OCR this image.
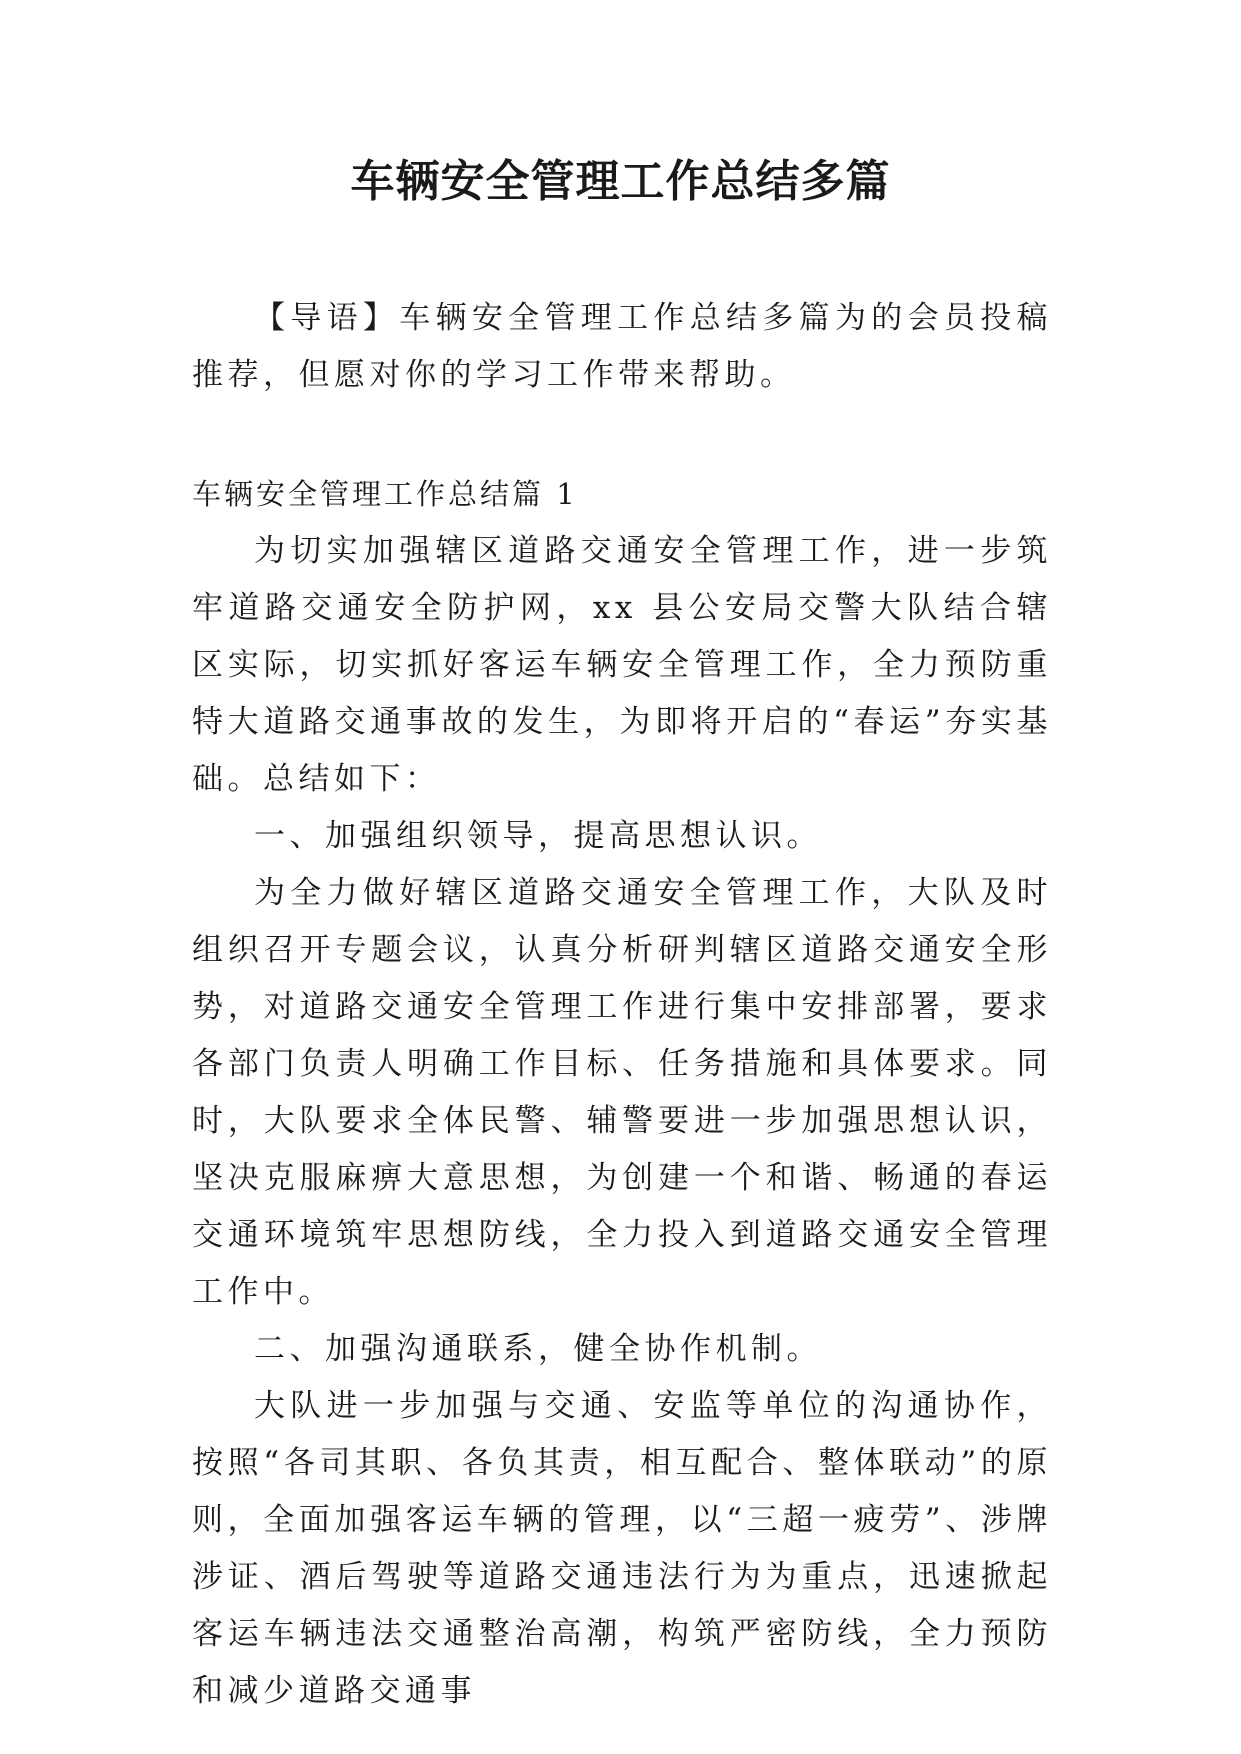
车辆安全管理工作总结多篇

【导语】车辆安全管理工作总结多篇为的会员投稿推荐，但愿对你的学习工作带来帮助。

车辆安全管理工作总结篇 1

为切实加强辖区道路交通安全管理工作，进一步筑牢道路交通安全防护网，xx 县公安局交警大队结合辖区实际，切实抓好客运车辆安全管理工作，全力预防重特大道路交通事故的发生，为即将开启的“春运”夯实基础。总结如下：

一、加强组织领导，提高思想认识。

为全力做好辖区道路交通安全管理工作，大队及时组织召开专题会议，认真分析研判辖区道路交通安全形势，对道路交通安全管理工作进行集中安排部署，要求各部门负责人明确工作目标、任务措施和具体要求。同时，大队要求全体民警、辅警要进一步加强思想认识，坚决克服麻痹大意思想，为创建一个和谐、畅通的春运交通环境筑牢思想防线，全力投入到道路交通安全管理工作中。

二、加强沟通联系，健全协作机制。

大队进一步加强与交通、安监等单位的沟通协作，按照“各司其职、各负其责，相互配合、整体联动”的原则，全面加强客运车辆的管理，以“三超一疲劳”、涉牌涉证、酒后驾驶等道路交通违法行为为重点，迅速掀起客运车辆违法交通整治高潮，构筑严密防线，全力预防和减少道路交通事
